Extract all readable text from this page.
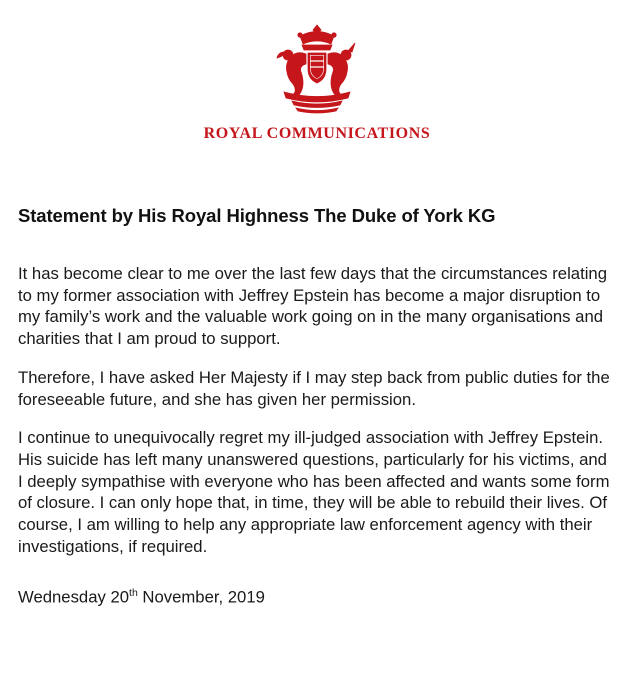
ROYAL COMMUNICATIONS
Statement by His Royal Highness The Duke of York KG

It has become clear to me over the last few days that the circumstances relating to my former association with Jeffrey Epstein has become a major disruption to my family’s work and the valuable work going on in the many organisations and charities that I am proud to support.

Therefore, I have asked Her Majesty if I may step back from public duties for the foreseeable future, and she has given her permission.

I continue to unequivocally regret my ill-judged association with Jeffrey Epstein. His suicide has left many unanswered questions, particularly for his victims, and I deeply sympathise with everyone who has been affected and wants some form of closure. I can only hope that, in time, they will be able to rebuild their lives. Of course, I am willing to help any appropriate law enforcement agency with their investigations, if required.

Wednesday 20th November, 2019
